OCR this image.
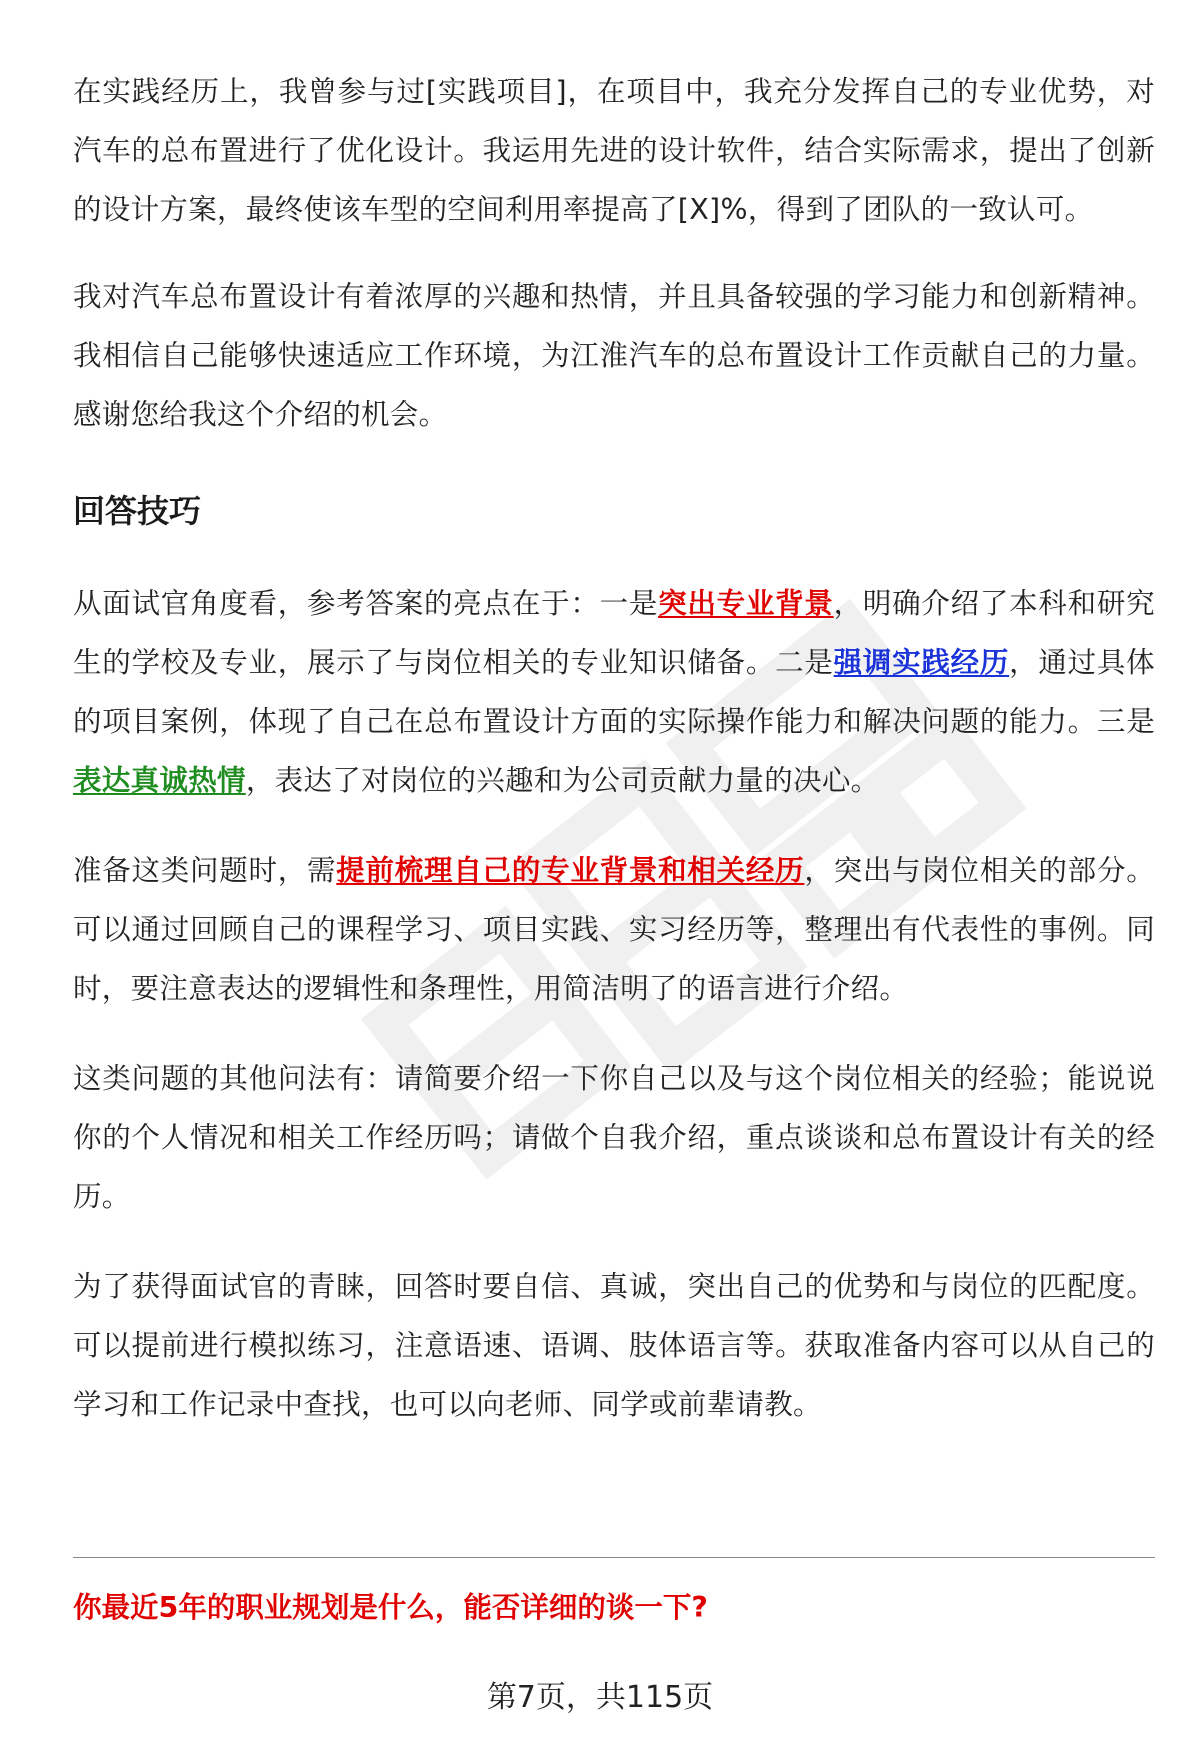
在实践经历上，我曾参与过[实践项目]，在项目中，我充分发挥自己的专业优势，对汽车的总布置进行了优化设计。我运用先进的设计软件，结合实际需求，提出了创新的设计方案，最终使该车型的空间利用率提高了[X]%，得到了团队的一致认可。

我对汽车总布置设计有着浓厚的兴趣和热情，并且具备较强的学习能力和创新精神。我相信自己能够快速适应工作环境，为江淮汽车的总布置设计工作贡献自己的力量。感谢您给我这个介绍的机会。

回答技巧

从面试官角度看，参考答案的亮点在于：一是突出专业背景，明确介绍了本科和研究生的学校及专业，展示了与岗位相关的专业知识储备。二是强调实践经历，通过具体的项目案例，体现了自己在总布置设计方面的实际操作能力和解决问题的能力。三是表达真诚热情，表达了对岗位的兴趣和为公司贡献力量的决心。

准备这类问题时，需提前梳理自己的专业背景和相关经历，突出与岗位相关的部分。可以通过回顾自己的课程学习、项目实践、实习经历等，整理出有代表性的事例。同时，要注意表达的逻辑性和条理性，用简洁明了的语言进行介绍。

这类问题的其他问法有：请简要介绍一下你自己以及与这个岗位相关的经验；能说说你的个人情况和相关工作经历吗；请做个自我介绍，重点谈谈和总布置设计有关的经历。

为了获得面试官的青睐，回答时要自信、真诚，突出自己的优势和与岗位的匹配度。可以提前进行模拟练习，注意语速、语调、肢体语言等。获取准备内容可以从自己的学习和工作记录中查找，也可以向老师、同学或前辈请教。

你最近5年的职业规划是什么，能否详细的谈一下?
第7页，共115页
